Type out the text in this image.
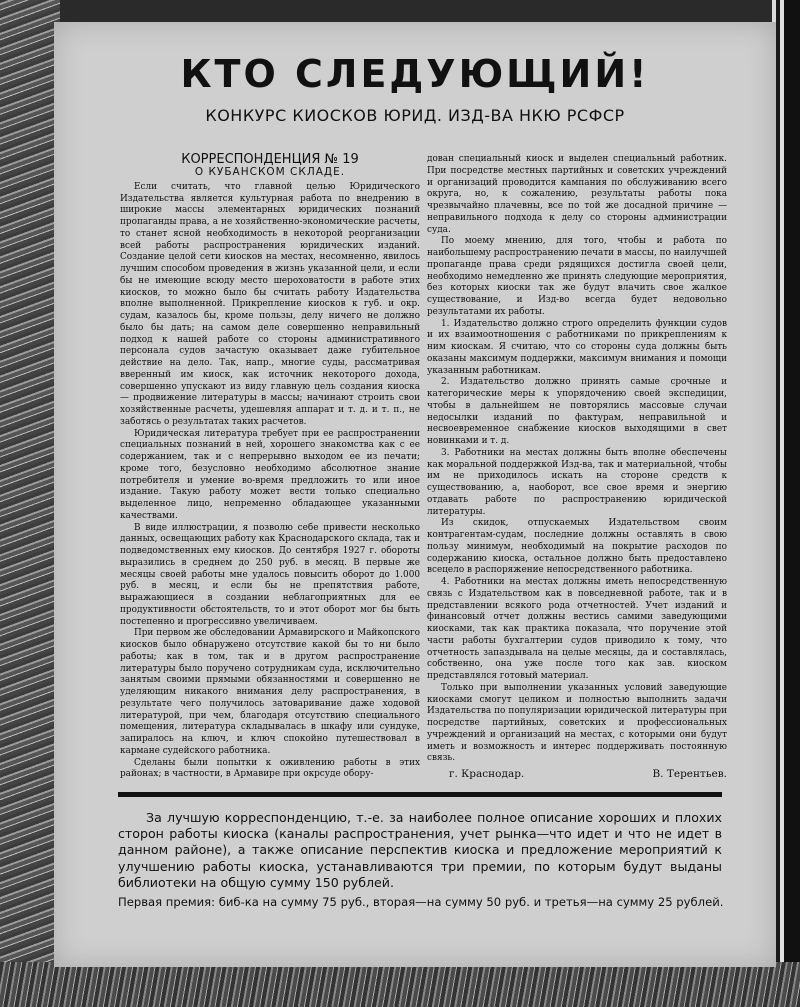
КТО СЛЕДУЮЩИЙ!
КОНКУРС КИОСКОВ ЮРИД. ИЗД-ВА НКЮ РСФСР
КОРРЕСПОНДЕНЦИЯ № 19
О КУБАНСКОМ СКЛАДЕ.

Если считать, что главной целью Юридического Издательства является культурная работа по внедрению в широкие массы элементарных юридических познаний пропаганды права, а не хозяйственно-экономические расчеты, то станет ясной необходимость в некоторой реорганизации всей работы распространения юридических изданий. Создание целой сети киосков на местах, несомненно, явилось лучшим способом проведения в жизнь указанной цели, и если бы не имеющие всюду место шероховатости в работе этих киосков, то можно было бы считать работу Издательства вполне выполненной. Прикрепление киосков к губ. и окр. судам, казалось бы, кроме пользы, делу ничего не должно было бы дать; на самом деле совершенно неправильный подход к нашей работе со стороны административного персонала судов зачастую оказывает даже губительное действие на дело. Так, напр., многие суды, рассматривая вверенный им киоск, как источник некоторого дохода, совершенно упускают из виду главную цель создания киоска — продвижение литературы в массы; начинают строить свои хозяйственные расчеты, удешевляя аппарат и т. д. и т. п., не заботясь о результатах таких расчетов.

Юридическая литература требует при ее распространении специальных познаний в ней, хорошего знакомства как с ее содержанием, так и с непрерывно выходом ее из печати; кроме того, безусловно необходимо абсолютное знание потребителя и умение во-время предложить то или иное издание. Такую работу может вести только специально выделенное лицо, непременно обладающее указанными качествами.

В виде иллюстрации, я позволю себе привести несколько данных, освещающих работу как Краснодарского склада, так и подведомственных ему киосков. До сентября 1927 г. обороты выразились в среднем до 250 руб. в месяц. В первые же месяцы своей работы мне удалось повысить оборот до 1.000 руб. в месяц, и если бы не препятствия работе, выражающиеся в создании неблагоприятных для ее продуктивности обстоятельств, то и этот оборот мог бы быть постепенно и прогрессивно увеличиваем.

При первом же обследовании Армавирского и Майкопского киосков было обнаружено отсутствие какой бы то ни было работы; как в том, так и в другом распространение литературы было поручено сотрудникам суда, исключительно занятым своими прямыми обязанностями и совершенно не уделяющим никакого внимания делу распространения, в результате чего получилось затоваривание даже ходовой литературой, при чем, благодаря отсутствию специального помещения, литература складывалась в шкафу или сундуке, запиралось на ключ, и ключ спокойно путешествовал в кармане судейского работника.

Сделаны были попытки к оживлению работы в этих районах; в частности, в Армавире при окрсуде обору-

дован специальный киоск и выделен специальный работник. При посредстве местных партийных и советских учреждений и организаций проводится кампания по обслуживанию всего округа, но, к сожалению, результаты работы пока чрезвычайно плачевны, все по той же досадной причине — неправильного подхода к делу со стороны администрации суда.

По моему мнению, для того, чтобы и работа по наибольшему распространению печати в массы, по наилучшей пропаганде права среди рядящихся достигла своей цели, необходимо немедленно же принять следующие мероприятия, без которых киоски так же будут влачить свое жалкое существование, и Изд-во всегда будет недовольно результатами их работы.

1. Издательство должно строго определить функции судов и их взаимоотношения с работниками по прикреплениям к ним киоскам. Я считаю, что со стороны суда должны быть оказаны максимум поддержки, максимум внимания и помощи указанным работникам.

2. Издательство должно принять самые срочные и категорические меры к упорядочению своей экспедиции, чтобы в дальнейшем не повторялись массовые случаи недосылки изданий по фактурам, неправильной и несвоевременное снабжение киосков выходящими в свет новинками и т. д.

3. Работники на местах должны быть вполне обеспечены как моральной поддержкой Изд-ва, так и материальной, чтобы им не приходилось искать на стороне средств к существованию, а, наоборот, все свое время и энергию отдавать работе по распространению юридической литературы.

Из скидок, отпускаемых Издательством своим контрагентам-судам, последние должны оставлять в свою пользу минимум, необходимый на покрытие расходов по содержанию киоска, остальное должно быть предоставлено всецело в распоряжение непосредственного работника.

4. Работники на местах должны иметь непосредственную связь с Издательством как в повседневной работе, так и в представлении всякого рода отчетностей. Учет изданий и финансовый отчет должны вестись самими заведующими киосками, так как практика показала, что поручение этой части работы бухгалтерии судов приводило к тому, что отчетность запаздывала на целые месяцы, да и составлялась, собственно, она уже после того как зав. киоском представлялся готовый материал.

Только при выполнении указанных условий заведующие киосками смогут целиком и полностью выполнить задачи Издательства по популяризации юридической литературы при посредстве партийных, советских и профессиональных учреждений и организаций на местах, с которыми они будут иметь и возможность и интерес поддерживать постоянную связь.

г. Краснодар.	В. Терентьев.

За лучшую корреспонденцию, т.-е. за наиболее полное описание хороших и плохих сторон работы киоска (каналы распространения, учет рынка—что идет и что не идет в данном районе), а также описание перспектив киоска и предложение мероприятий к улучшению работы киоска, устанавливаются три премии, по которым будут выданы библиотеки на общую сумму 150 рублей.

Первая премия: биб-ка на сумму 75 руб., вторая—на сумму 50 руб. и третья—на сумму 25 рублей.
